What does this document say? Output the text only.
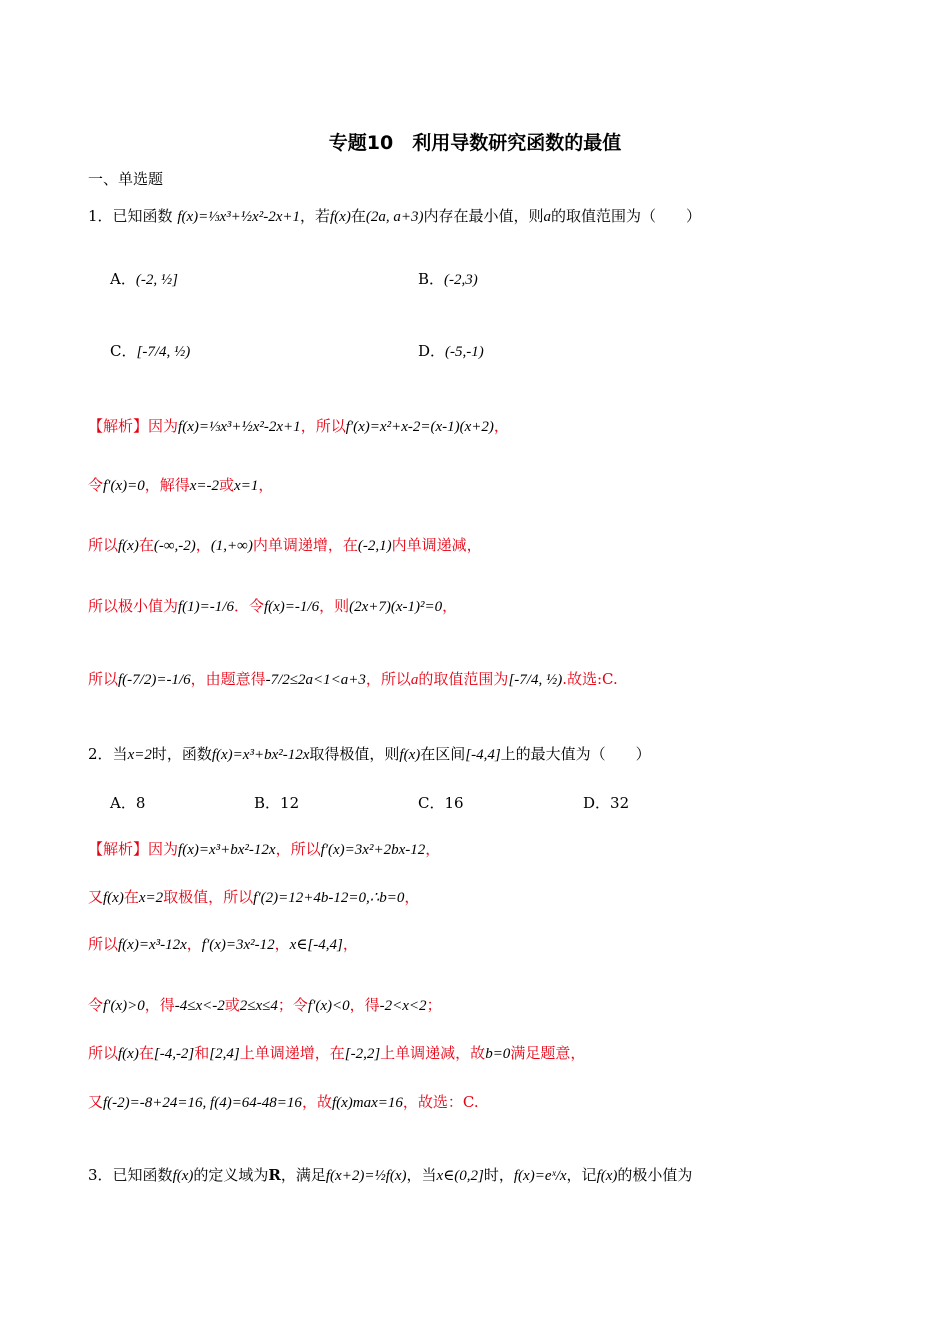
专题10　利用导数研究函数的最值
一、单选题
1．已知函数 f(x)=⅓x³+½x²-2x+1，若f(x)在(2a, a+3)内存在最小值，则a的取值范围为（　　）
A．(-2, ½]	B．(-2,3)
C．[-7/4, ½)	D．(-5,-1)
【解析】因为f(x)=⅓x³+½x²-2x+1，所以f′(x)=x²+x-2=(x-1)(x+2)，
令f′(x)=0，解得x=-2或x=1，
所以f(x)在(-∞,-2)，(1,+∞)内单调递增，在(-2,1)内单调递减，
所以极小值为f(1)=-1/6．令f(x)=-1/6，则(2x+7)(x-1)²=0，
所以f(-7/2)=-1/6，由题意得-7/2≤2a<1<a+3，所以a的取值范围为[-7/4, ½).故选:C.
2．当x=2时，函数f(x)=x³+bx²-12x取得极值，则f(x)在区间[-4,4]上的最大值为（　　）
A．8	B．12	C．16	D．32
【解析】因为f(x)=x³+bx²-12x，所以f′(x)=3x²+2bx-12，
又f(x)在x=2取极值，所以f′(2)=12+4b-12=0,∴b=0，
所以f(x)=x³-12x，f′(x)=3x²-12，x∈[-4,4]，
令f′(x)>0，得-4≤x<-2或2≤x≤4；令f′(x)<0，得-2<x<2；
所以f(x)在[-4,-2]和[2,4]上单调递增，在[-2,2]上单调递减，故b=0满足题意，
又f(-2)=-8+24=16, f(4)=64-48=16，故f(x)max=16，故选：C.
3．已知函数f(x)的定义域为R，满足f(x+2)=½f(x)，当x∈(0,2]时，f(x)=eˣ/x，记f(x)的极小值为
